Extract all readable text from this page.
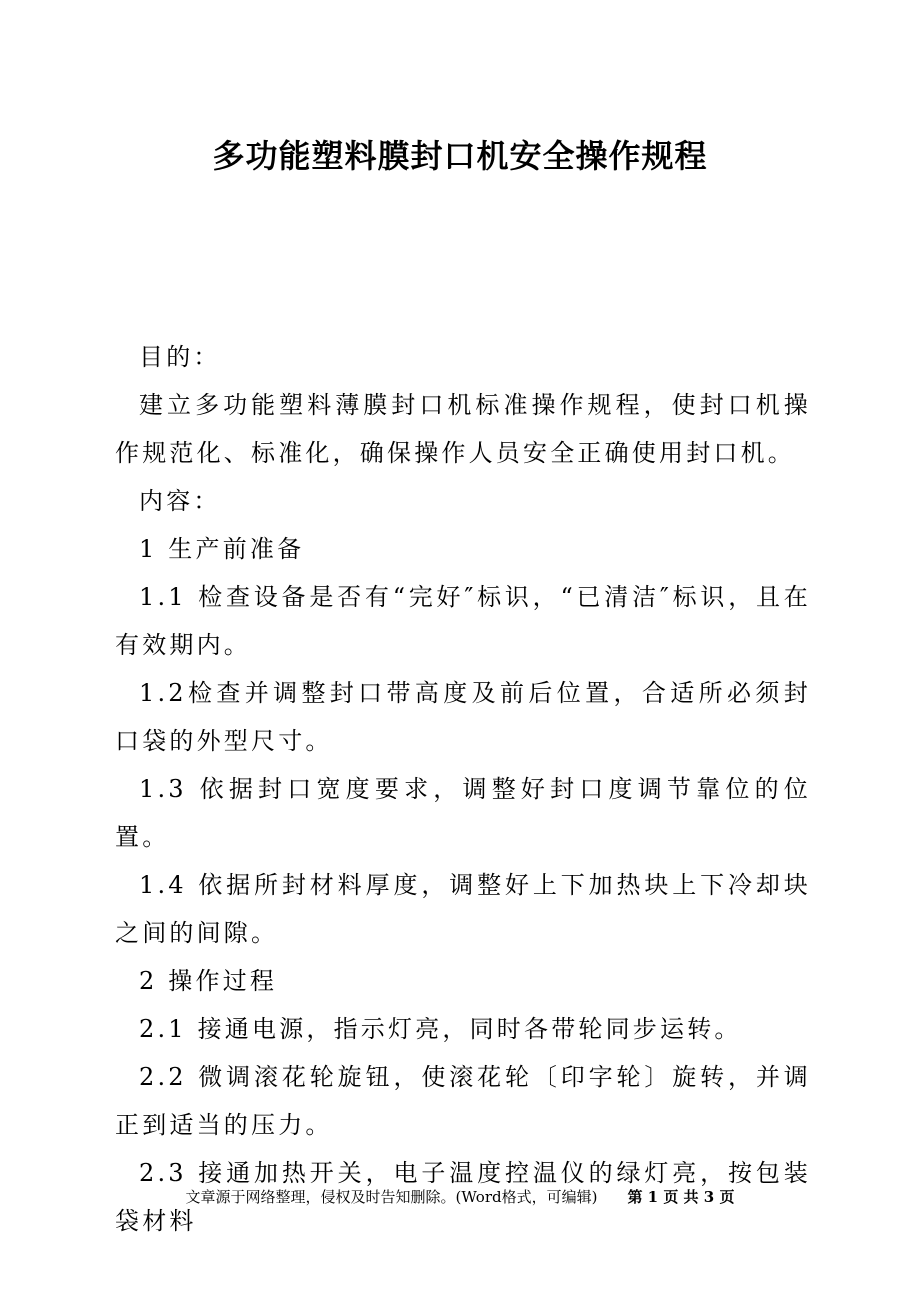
多功能塑料膜封口机安全操作规程

目的：

建立多功能塑料薄膜封口机标准操作规程，使封口机操作规范化、标准化，确保操作人员安全正确使用封口机。

内容：

1 生产前准备

1.1 检查设备是否有“完好″标识，“已清洁″标识，且在有效期内。

1.2检查并调整封口带高度及前后位置，合适所必须封口袋的外型尺寸。

1.3 依据封口宽度要求，调整好封口度调节靠位的位置。

1.4 依据所封材料厚度，调整好上下加热块上下冷却块之间的间隙。

2 操作过程

2.1 接通电源，指示灯亮，同时各带轮同步运转。

2.2 微调滚花轮旋钮，使滚花轮〔印字轮〕旋转，并调正到适当的压力。

2.3 接通加热开关，电子温度控温仪的绿灯亮，按包装袋材料

文章源于网络整理，侵权及时告知删除。(Word格式，可编辑) 第 1 页 共 3 页
